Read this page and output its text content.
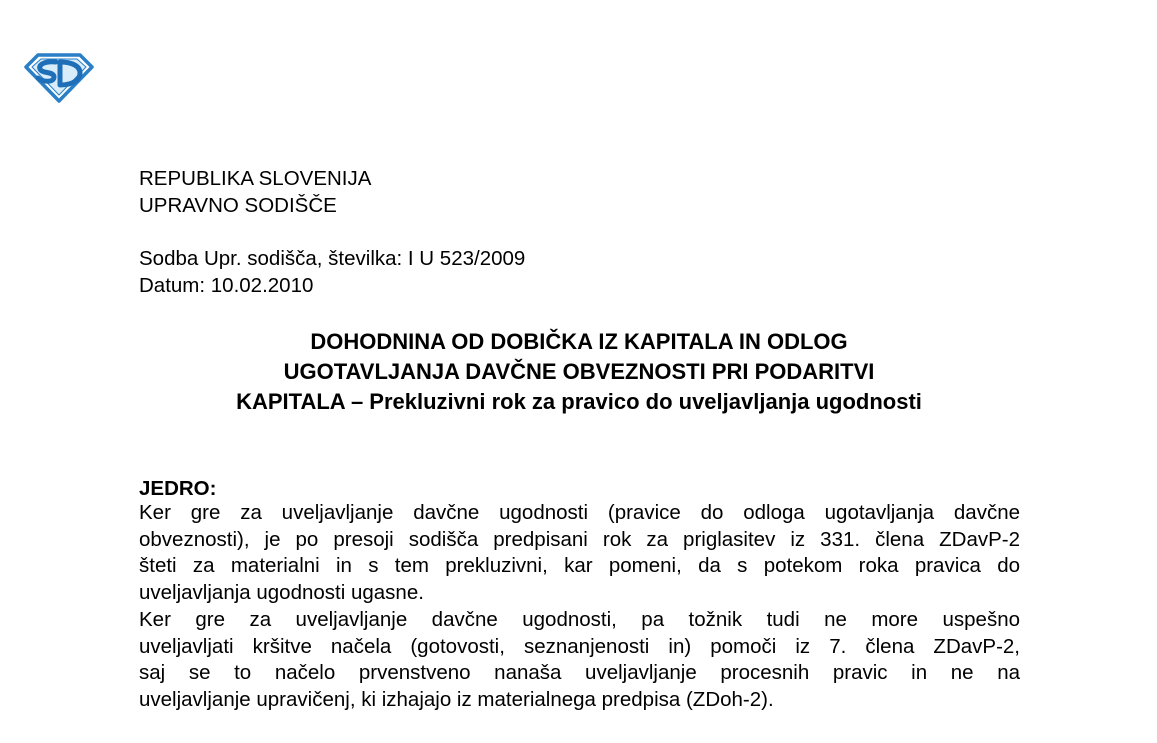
REPUBLIKA SLOVENIJA

UPRAVNO SODIŠČE

Sodba Upr. sodišča, številka: I U 523/2009

Datum: 10.02.2010

DOHODNINA OD DOBIČKA IZ KAPITALA IN ODLOG
UGOTAVLJANJA DAVČNE OBVEZNOSTI PRI PODARITVI
KAPITALA – Prekluzivni rok za pravico do uveljavljanja ugodnosti
JEDRO:
Ker gre za uveljavljanje davčne ugodnosti (pravice do odloga ugotavljanja davčne
obveznosti), je po presoji sodišča predpisani rok za priglasitev iz 331. člena ZDavP-2
šteti za materialni in s tem prekluzivni, kar pomeni, da s potekom roka pravica do
uveljavljanja ugodnosti ugasne.
Ker gre za uveljavljanje davčne ugodnosti, pa tožnik tudi ne more uspešno
uveljavljati kršitve načela (gotovosti, seznanjenosti in) pomoči iz 7. člena ZDavP-2,
saj se to načelo prvenstveno nanaša uveljavljanje procesnih pravic in ne na
uveljavljanje upravičenj, ki izhajajo iz materialnega predpisa (ZDoh-2).
